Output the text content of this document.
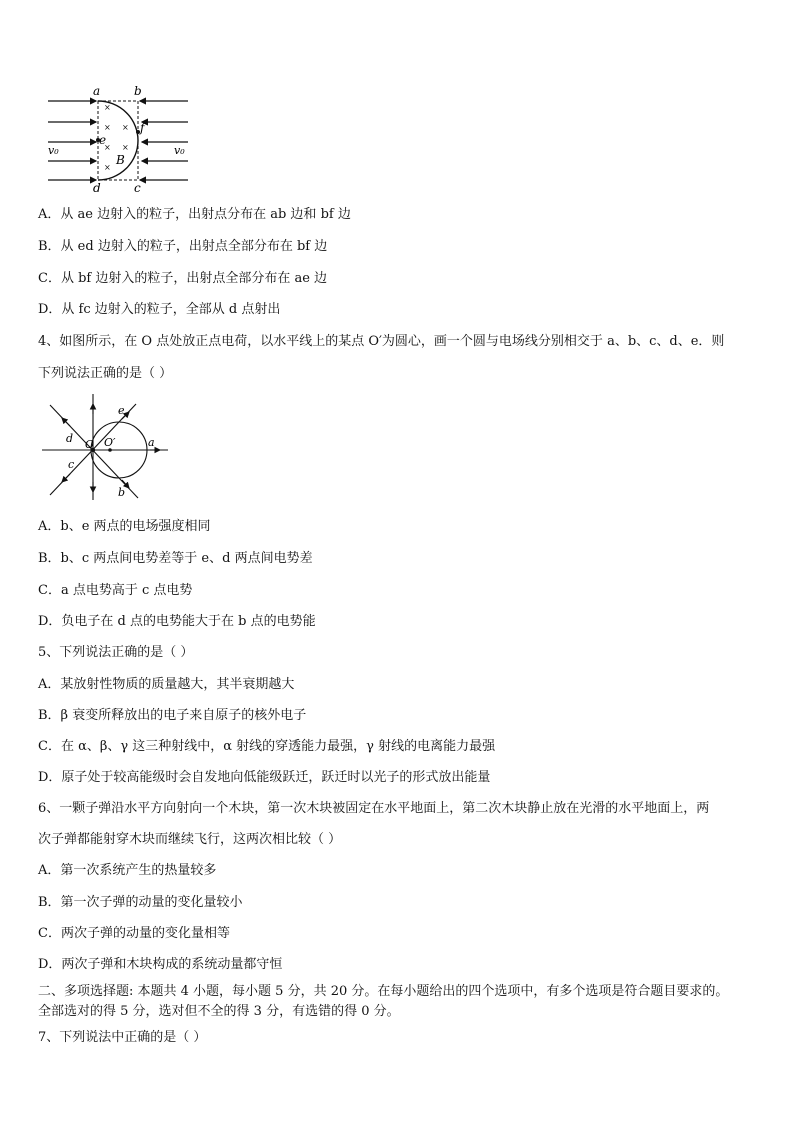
×
× ×
× ×
×
a	b
d	c
e
f
B
v₀	v₀
A．从 ae 边射入的粒子，出射点分布在 ab 边和 bf 边
B．从 ed 边射入的粒子，出射点全部分布在 bf 边
C．从 bf 边射入的粒子，出射点全部分布在 ae 边
D．从 fc 边射入的粒子，全部从 d 点射出
4、如图所示，在 O 点处放正点电荷，以水平线上的某点 O′为圆心，画一个圆与电场线分别相交于 a、b、c、d、e．则
下列说法正确的是（ ）
e
d O O′	a
c
b
A．b、e 两点的电场强度相同
B．b、c 两点间电势差等于 e、d 两点间电势差
C．a 点电势高于 c 点电势
D．负电子在 d 点的电势能大于在 b 点的电势能
5、下列说法正确的是（ ）
A．某放射性物质的质量越大，其半衰期越大
B．β 衰变所释放出的电子来自原子的核外电子
C．在 α、β、γ 这三种射线中，α 射线的穿透能力最强，γ 射线的电离能力最强
D．原子处于较高能级时会自发地向低能级跃迁，跃迁时以光子的形式放出能量
6、一颗子弹沿水平方向射向一个木块，第一次木块被固定在水平地面上，第二次木块静止放在光滑的水平地面上，两
次子弹都能射穿木块而继续飞行，这两次相比较（ ）
A．第一次系统产生的热量较多
B．第一次子弹的动量的变化量较小
C．两次子弹的动量的变化量相等
D．两次子弹和木块构成的系统动量都守恒
二、多项选择题: 本题共 4 小题，每小题 5 分，共 20 分。在每小题给出的四个选项中，有多个选项是符合题目要求的。
全部选对的得 5 分，选对但不全的得 3 分，有选错的得 0 分。
7、下列说法中正确的是（ ）
